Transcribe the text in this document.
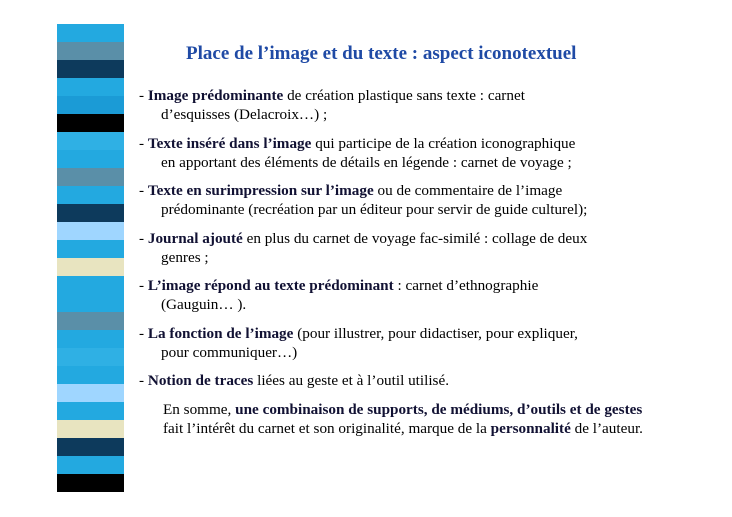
Place de l’image et du texte : aspect iconotextuel

- Image prédominante de création plastique sans texte : carnet
d’esquisses (Delacroix…) ;

- Texte inséré dans l’image qui participe de la création iconographique
en apportant des éléments de détails en légende : carnet de voyage ;

- Texte en surimpression sur l’image ou de commentaire de l’image
prédominante (recréation par un éditeur pour servir de guide culturel);

- Journal ajouté en plus du carnet de voyage fac-similé : collage de deux
genres ;

- L’image répond au texte prédominant : carnet d’ethnographie
(Gauguin… ).

- La fonction de l’image (pour illustrer, pour didactiser, pour expliquer,
pour communiquer…)

- Notion de traces liées au geste et à l’outil utilisé.

En somme, une combinaison de supports, de médiums, d’outils et de gestes fait l’intérêt du carnet et son originalité, marque de la personnalité de l’auteur.
